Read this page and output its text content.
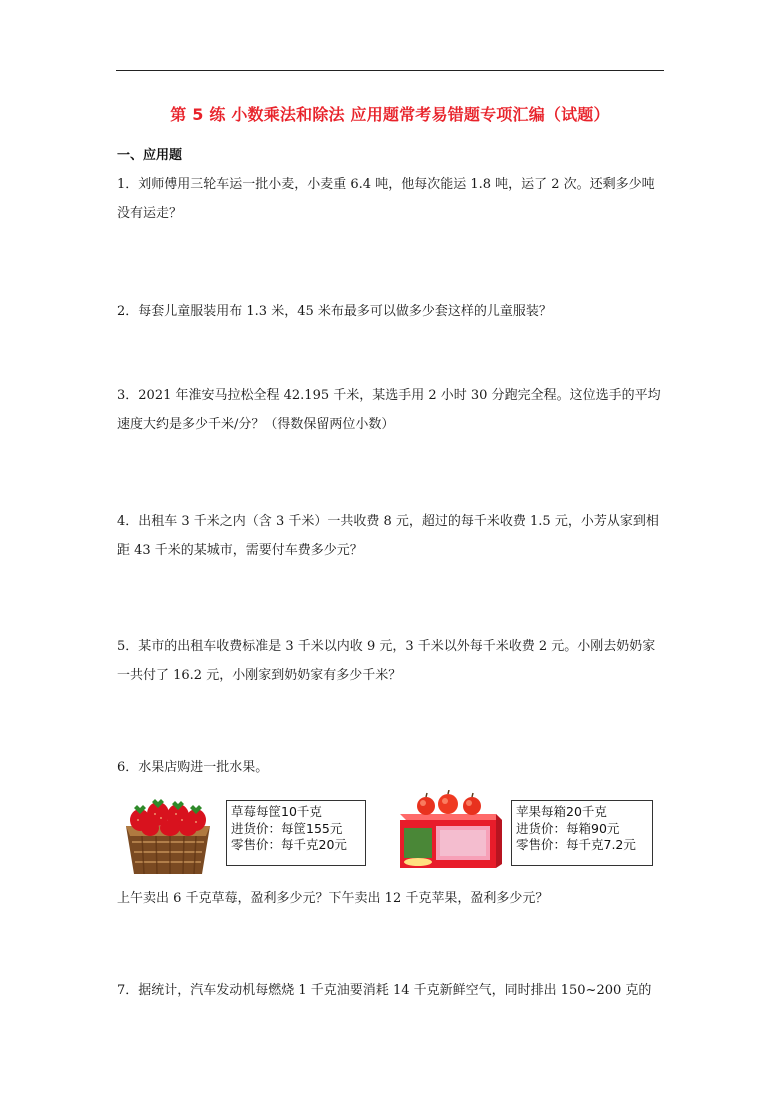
第 5 练 小数乘法和除法 应用题常考易错题专项汇编（试题）
一、应用题
1．刘师傅用三轮车运一批小麦，小麦重 6.4 吨，他每次能运 1.8 吨，运了 2 次。还剩多少吨没有运走？
2．每套儿童服装用布 1.3 米，45 米布最多可以做多少套这样的儿童服装？
3．2021 年淮安马拉松全程 42.195 千米，某选手用 2 小时 30 分跑完全程。这位选手的平均速度大约是多少千米/分？（得数保留两位小数）
4．出租车 3 千米之内（含 3 千米）一共收费 8 元，超过的每千米收费 1.5 元，小芳从家到相距 43 千米的某城市，需要付车费多少元？
5．某市的出租车收费标准是 3 千米以内收 9 元，3 千米以外每千米收费 2 元。小刚去奶奶家一共付了 16.2 元，小刚家到奶奶家有多少千米？
6．水果店购进一批水果。
草莓每筐10千克
进货价：每筐155元
零售价：每千克20元
苹果每箱20千克
进货价：每箱90元
零售价：每千克7.2元
上午卖出 6 千克草莓，盈利多少元？下午卖出 12 千克苹果，盈利多少元？
7．据统计，汽车发动机每燃烧 1 千克油要消耗 14 千克新鲜空气，同时排出 150~200 克的
